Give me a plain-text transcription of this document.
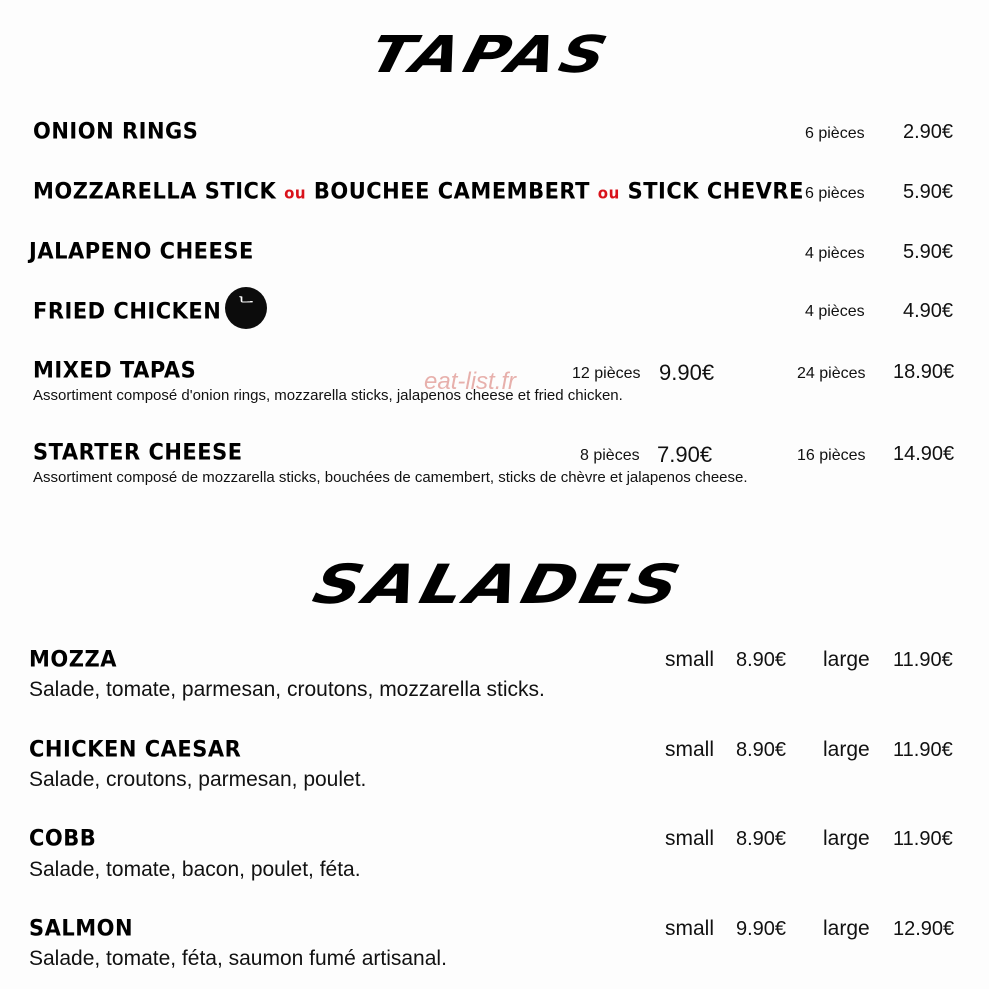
TAPAS
ONION RINGS	6 pièces 2.90€
MOZZARELLA STICK ou BOUCHEE CAMEMBERT ou STICK CHEVRE 6 pièces 5.90€
JALAPENO CHEESE	4 pièces 5.90€
FRIED CHICKEN ᄂ	4 pièces 4.90€
eat-list.fr
MIXED TAPAS	12 pièces 9.90€	24 pièces 18.90€
Assortiment composé d'onion rings, mozzarella sticks, jalapenos cheese et fried chicken.
STARTER CHEESE	8 pièces 7.90€	16 pièces 14.90€
Assortiment composé de mozzarella sticks, bouchées de camembert, sticks de chèvre et jalapenos cheese.
SALADES
MOZZA	small 8.90€ large 11.90€
Salade, tomate, parmesan, croutons, mozzarella sticks.
CHICKEN CAESAR	small 8.90€ large 11.90€
Salade, croutons, parmesan, poulet.
COBB	small 8.90€ large 11.90€
Salade, tomate, bacon, poulet, féta.
SALMON	small 9.90€ large 12.90€
Salade, tomate, féta, saumon fumé artisanal.
